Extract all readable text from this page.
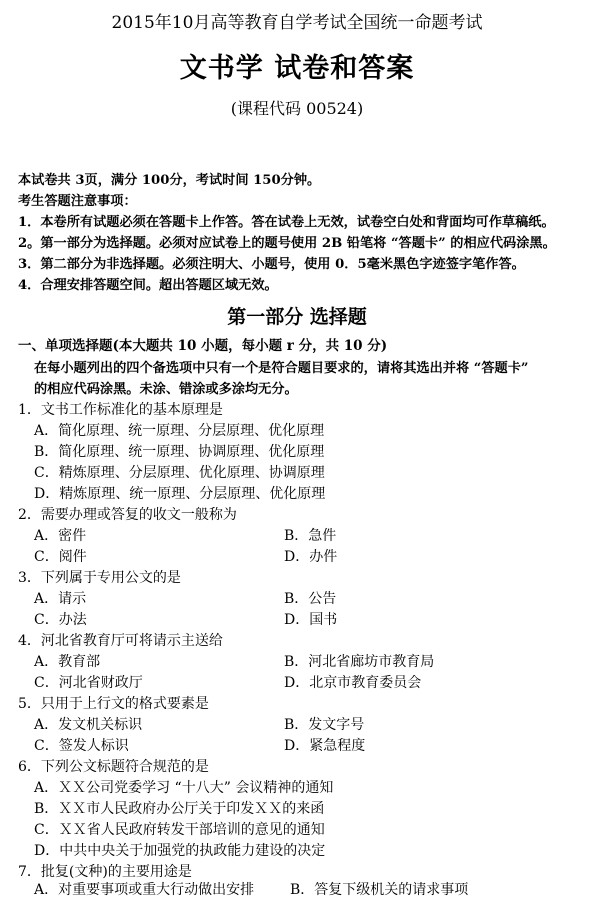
2015年10月高等教育自学考试全国统一命题考试
文书学 试卷和答案
(课程代码 00524)
本试卷共 3页，满分 100分，考试时间 150分钟。
考生答题注意事项：
1．本卷所有试题必须在答题卡上作答。答在试卷上无效，试卷空白处和背面均可作草稿纸。
2。第一部分为选择题。必须对应试卷上的题号使用 2B 铅笔将 “答题卡” 的相应代码涂黑。
3．第二部分为非选择题。必须注明大、小题号，使用 0．5毫米黑色字迹签字笔作答。
4．合理安排答题空间。超出答题区域无效。
第一部分 选择题
一、单项选择题(本大题共 10 小题，每小题 r 分，共 10 分)
在每小题列出的四个备选项中只有一个是符合题目要求的，请将其选出并将 “答题卡”
的相应代码涂黑。未涂、错涂或多涂均无分。
1．文书工作标准化的基本原理是
A．简化原理、统一原理、分层原理、优化原理
B．简化原理、统一原理、协调原理、优化原理
C．精炼原理、分层原理、优化原理、协调原理
D．精炼原理、统一原理、分层原理、优化原理
2．需要办理或答复的收文一般称为
A．密件	B．急件
C．阅件	D．办件
3．下列属于专用公文的是
A．请示	B．公告
C．办法	D．国书
4．河北省教育厅可将请示主送给
A．教育部	B．河北省廊坊市教育局
C．河北省财政厅	D．北京市教育委员会
5．只用于上行文的格式要素是
A．发文机关标识	B．发文字号
C．签发人标识	D．紧急程度
6．下列公文标题符合规范的是
A．ＸＸ公司党委学习 “十八大” 会议精神的通知
B．ＸＸ市人民政府办公厅关于印发ＸＸ的来函
C．ＸＸ省人民政府转发干部培训的意见的通知
D．中共中央关于加强党的执政能力建设的决定
7．批复(文种)的主要用途是
A．对重要事项或重大行动做出安排	B．答复下级机关的请求事项
